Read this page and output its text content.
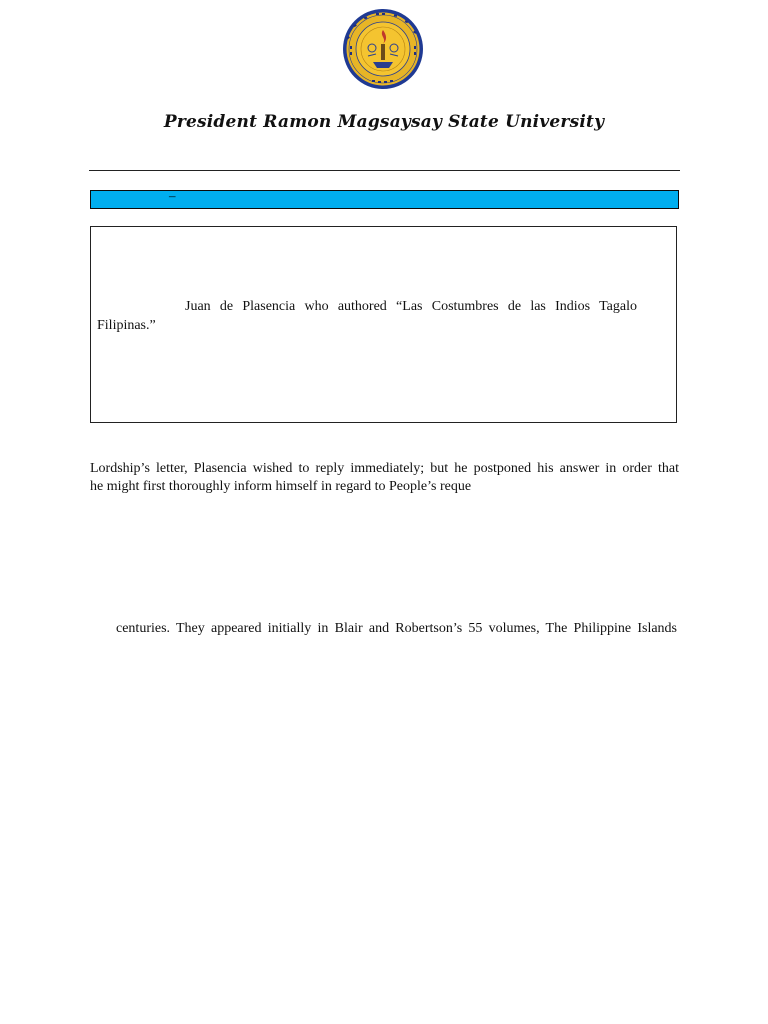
President Ramon Magsaysay State University
–
Juan de Plasencia who authored “Las Costumbres de las Indios Tagalo
Filipinas.”
Lordship’s letter, Plasencia wished to reply immediately; but he postponed his answer in order that
he might first thoroughly inform himself in regard to People’s reque
centuries. They appeared initially in Blair and Robertson’s 55 volumes, The Philippine Islands
